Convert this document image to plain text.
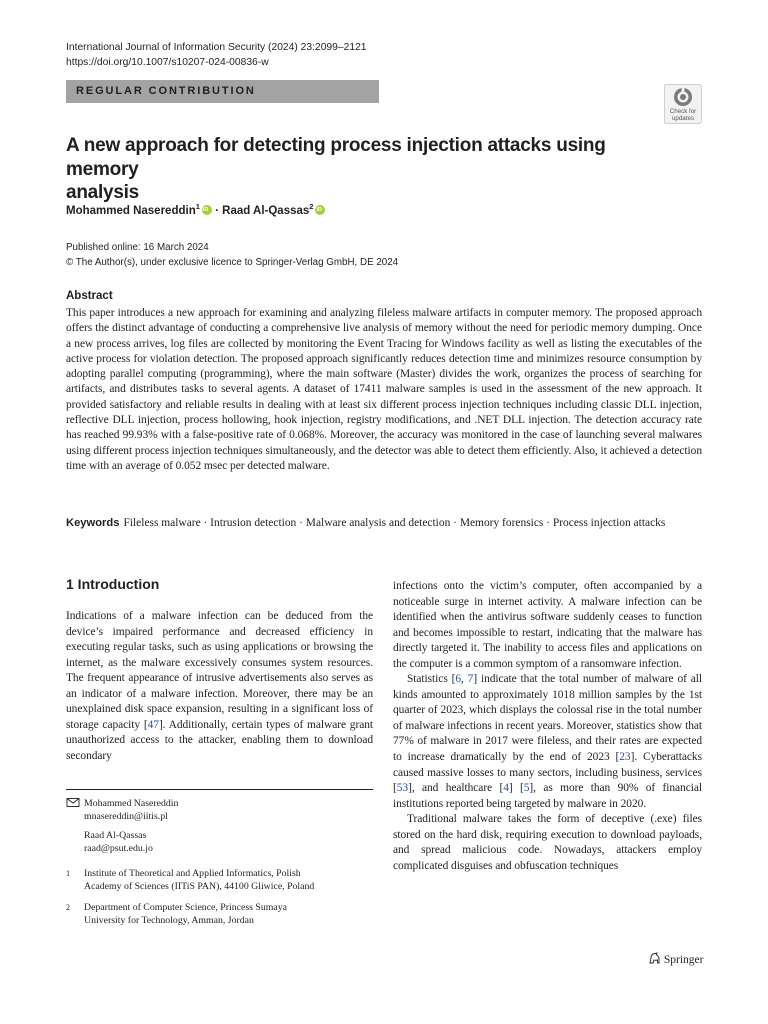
International Journal of Information Security (2024) 23:2099–2121
https://doi.org/10.1007/s10207-024-00836-w
REGULAR CONTRIBUTION
Check for
updates
A new approach for detecting process injection attacks using memory
analysis
Mohammed Nasereddin$^1$iD · Raad Al-Qassas$^2$iD
Published online: 16 March 2024
© The Author(s), under exclusive licence to Springer-Verlag GmbH, DE 2024
Abstract
This paper introduces a new approach for examining and analyzing fileless malware artifacts in computer memory. The proposed approach offers the distinct advantage of conducting a comprehensive live analysis of memory without the need for periodic memory dumping. Once a new process arrives, log files are collected by monitoring the Event Tracing for Windows facility as well as listing the executables of the active process for violation detection. The proposed approach significantly reduces detection time and minimizes resource consumption by adopting parallel computing (programming), where the main software (Master) divides the work, organizes the process of searching for artifacts, and distributes tasks to several agents. A dataset of 17411 malware samples is used in the assessment of the new approach. It provided satisfactory and reliable results in dealing with at least six different process injection techniques including classic DLL injection, reflective DLL injection, process hollowing, hook injection, registry modifications, and .NET DLL injection. The detection accuracy rate has reached 99.93% with a false-positive rate of 0.068%. Moreover, the accuracy was monitored in the case of launching several malwares using different process injection techniques simultaneously, and the detector was able to detect them efficiently. Also, it achieved a detection time with an average of 0.052 msec per detected malware.
Keywords Fileless malware · Intrusion detection · Malware analysis and detection · Memory forensics · Process injection attacks
1 Introduction

Indications of a malware infection can be deduced from the device’s impaired performance and decreased efficiency in executing regular tasks, such as using applications or browsing the internet, as the malware excessively consumes system resources. The frequent appearance of intrusive advertisements also serves as an indicator of a malware infection. Moreover, there may be an unexplained disk space expansion, resulting in a significant loss of storage capacity [47]. Additionally, certain types of malware grant unauthorized access to the attacker, enabling them to download secondary

infections onto the victim’s computer, often accompanied by a noticeable surge in internet activity. A malware infection can be identified when the antivirus software suddenly ceases to function and becomes impossible to restart, indicating that the malware has directly targeted it. The inability to access files and applications on the computer is a common symptom of a ransomware infection.

Statistics [6, 7] indicate that the total number of malware of all kinds amounted to approximately 1018 million samples by the 1st quarter of 2023, which displays the colossal rise in the total number of malware infections in recent years. Moreover, statistics show that 77% of malware in 2017 were fileless, and their rates are expected to increase dramatically by the end of 2023 [23]. Cyberattacks caused massive losses to many sectors, including business, services [53], and healthcare [4] [5], as more than 90% of financial institutions reported being targeted by malware in 2020.

Traditional malware takes the form of deceptive (.exe) files stored on the hard disk, requiring execution to download payloads, and spread malicious code. Nowadays, attackers employ complicated disguises and obfuscation techniques

Mohammed Nasereddin
mnasereddin@iitis.pl
Raad Al-Qassas
raad@psut.edu.jo
1 Institute of Theoretical and Applied Informatics, Polish
Academy of Sciences (IITiS PAN), 44100 Gliwice, Poland
2 Department of Computer Science, Princess Sumaya
University for Technology, Amman, Jordan
Springer
